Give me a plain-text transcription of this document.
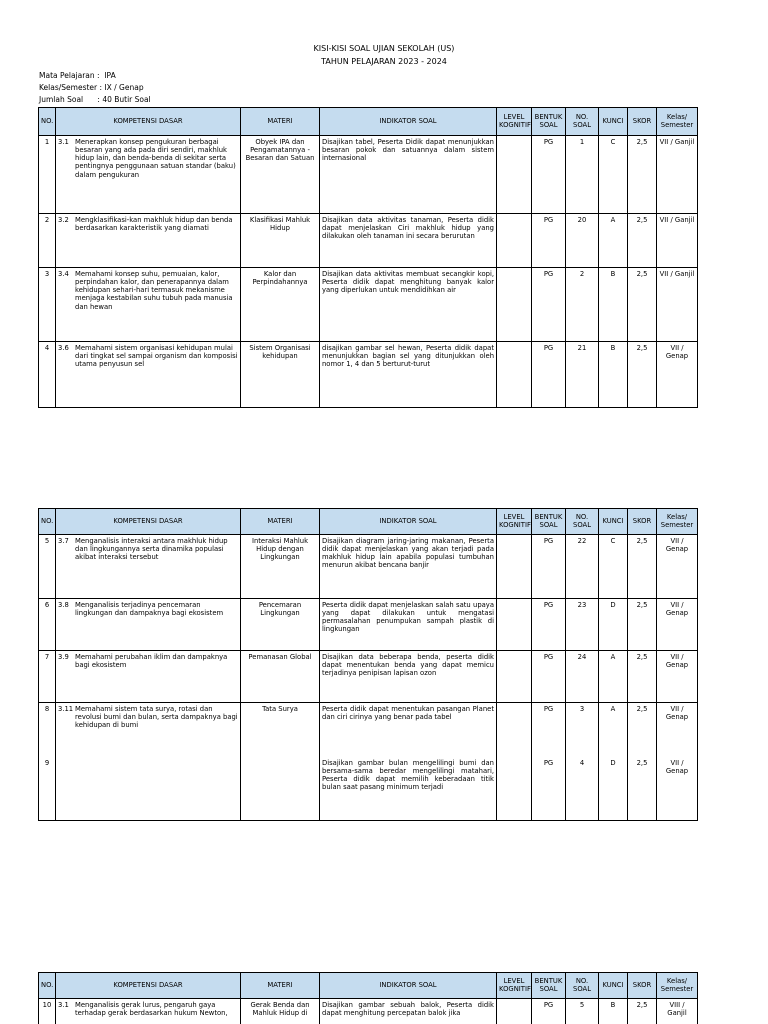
KISI-KISI SOAL UJIAN SEKOLAH (US)
TAHUN PELAJARAN 2023 - 2024
Mata Pelajaran :  IPA
Kelas/Semester : IX / Genap
Jumlah Soal      : 40 Butir Soal
NO.	KOMPETENSI DASAR	MATERI	INDIKATOR SOAL	LEVEL KOGNITIF	BENTUK SOAL	NO. SOAL	KUNCI	SKOR	Kelas/ Semester
1	3.1 Menerapkan konsep pengukuran berbagai besaran yang ada pada diri sendiri, makhluk hidup lain, dan benda-benda di sekitar serta pentingnya penggunaan satuan standar (baku) dalam pengukuran	Obyek IPA dan Pengamatannya - Besaran dan Satuan	Disajikan tabel, Peserta Didik dapat menunjukkan besaran pokok dan satuannya dalam sistem internasional		PG	1	C	2,5	VII / Ganjil
2	3.2 Mengklasifikasi-kan makhluk hidup dan benda berdasarkan karakteristik yang diamati	Klasifikasi Mahluk Hidup	Disajikan data aktivitas tanaman, Peserta didik dapat menjelaskan Ciri makhluk hidup yang dilakukan oleh tanaman ini secara berurutan		PG	20	A	2,5	VII / Ganjil
3	3.4 Memahami konsep suhu, pemuaian, kalor, perpindahan kalor, dan penerapannya dalam kehidupan sehari-hari termasuk mekanisme menjaga kestabilan suhu tubuh pada manusia dan hewan	Kalor dan Perpindahannya	Disajikan data aktivitas membuat secangkir kopi, Peserta didik dapat menghitung banyak kalor yang diperlukan untuk mendidihkan air		PG	2	B	2,5	VII / Ganjil
4	3.6 Memahami sistem organisasi kehidupan mulai dari tingkat sel sampai organism dan komposisi utama penyusun sel	Sistem Organisasi kehidupan	disajikan gambar sel hewan, Peserta didik dapat menunjukkan bagian sel yang ditunjukkan oleh nomor 1, 4 dan 5 berturut-turut		PG	21	B	2,5	VII / Genap
NO.	KOMPETENSI DASAR	MATERI	INDIKATOR SOAL	LEVEL KOGNITIF	BENTUK SOAL	NO. SOAL	KUNCI	SKOR	Kelas/ Semester
5	3.7 Menganalisis interaksi antara makhluk hidup dan lingkungannya serta dinamika populasi akibat interaksi tersebut	Interaksi Mahluk Hidup dengan Lingkungan	Disajikan diagram jaring-jaring makanan, Peserta didik dapat menjelaskan yang akan terjadi pada makhluk hidup lain apabila populasi tumbuhan menurun akibat bencana banjir		PG	22	C	2,5	VII / Genap
6	3.8 Menganalisis terjadinya pencemaran lingkungan dan dampaknya bagi ekosistem	Pencemaran Lingkungan	Peserta didik dapat menjelaskan salah satu upaya yang dapat dilakukan untuk mengatasi permasalahan penumpukan sampah plastik di lingkungan		PG	23	D	2,5	VII / Genap
7	3.9 Memahami perubahan iklim dan dampaknya bagi ekosistem	Pemanasan Global	Disajikan data beberapa benda, peserta didik dapat menentukan benda yang dapat memicu terjadinya penipisan lapisan ozon		PG	24	A	2,5	VII / Genap
8	3.11 Memahami sistem tata surya, rotasi dan revolusi bumi dan bulan, serta dampaknya bagi kehidupan di bumi	Tata Surya	Peserta didik dapat menentukan pasangan Planet dan ciri cirinya yang benar pada tabel		PG	3	A	2,5	VII / Genap
9			Disajikan gambar bulan mengelilingi bumi dan bersama-sama beredar mengelilingi matahari, Peserta didik dapat memilih keberadaan titik bulan saat pasang minimum terjadi		PG	4	D	2,5	VII / Genap
NO.	KOMPETENSI DASAR	MATERI	INDIKATOR SOAL	LEVEL KOGNITIF	BENTUK SOAL	NO. SOAL	KUNCI	SKOR	Kelas/ Semester
10	3.1 Menganalisis gerak lurus, pengaruh gaya terhadap gerak berdasarkan hukum Newton,	Gerak Benda dan Mahluk Hidup di	Disajikan gambar sebuah balok, Peserta didik dapat menghitung percepatan balok jika		PG	5	B	2,5	VIII / Ganjil
